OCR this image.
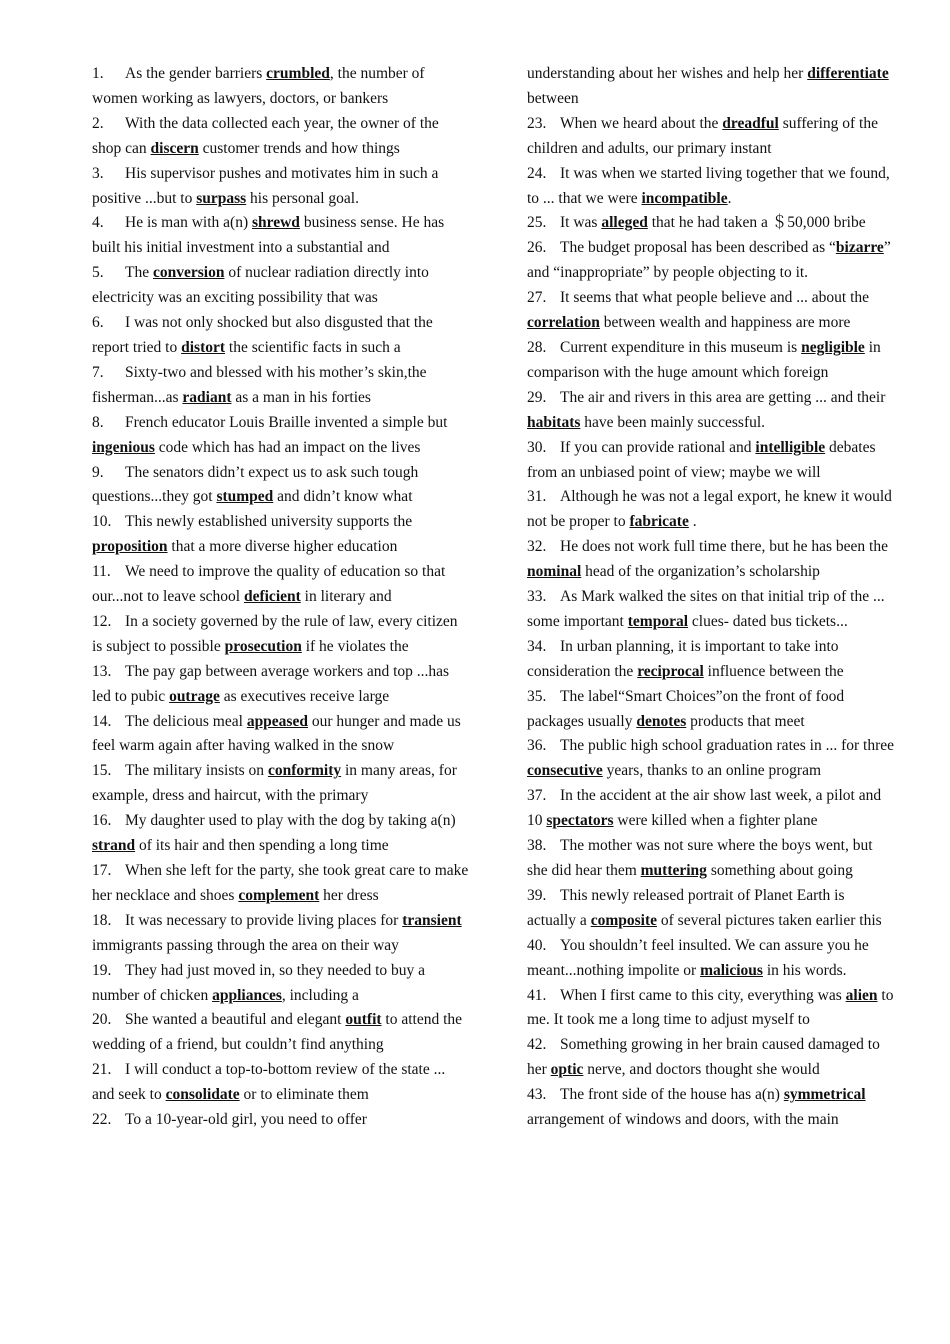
1. As the gender barriers crumbled, the number of women working as lawyers, doctors, or bankers
2. With the data collected each year, the owner of the shop can discern customer trends and how things
3. His supervisor pushes and motivates him in such a positive ...but to surpass his personal goal.
4. He is man with a(n) shrewd business sense. He has built his initial investment into a substantial and
5. The conversion of nuclear radiation directly into electricity was an exciting possibility that was
6. I was not only shocked but also disgusted that the report tried to distort the scientific facts in such a
7. Sixty-two and blessed with his mother’s skin,the fisherman...as radiant as a man in his forties
8. French educator Louis Braille invented a simple but ingenious code which has had an impact on the lives
9. The senators didn’t expect us to ask such tough questions...they got stumped and didn’t know what
10. This newly established university supports the proposition that a more diverse higher education
11. We need to improve the quality of education so that our...not to leave school deficient in literary and
12. In a society governed by the rule of law, every citizen is subject to possible prosecution if he violates the
13. The pay gap between average workers and top ...has led to pubic outrage as executives receive large
14. The delicious meal appeased our hunger and made us feel warm again after having walked in the snow
15. The military insists on conformity in many areas, for example, dress and haircut, with the primary
16. My daughter used to play with the dog by taking a(n) strand of its hair and then spending a long time
17. When she left for the party, she took great care to make her necklace and shoes complement her dress
18. It was necessary to provide living places for transient immigrants passing through the area on their way
19. They had just moved in, so they needed to buy a number of chicken appliances, including a
20. She wanted a beautiful and elegant outfit to attend the wedding of a friend, but couldn’t find anything
21. I will conduct a top-to-bottom review of the state ... and seek to consolidate or to eliminate them
22. To a 10-year-old girl, you need to offer
understanding about her wishes and help her differentiate between
23. When we heard about the dreadful suffering of the children and adults, our primary instant
24. It was when we started living together that we found, to ... that we were incompatible.
25. It was alleged that he had taken a ＄50,000 bribe
26. The budget proposal has been described as “bizarre” and “inappropriate” by people objecting to it.
27. It seems that what people believe and ... about the correlation between wealth and happiness are more
28. Current expenditure in this museum is negligible in comparison with the huge amount which foreign
29. The air and rivers in this area are getting ... and their habitats have been mainly successful.
30. If you can provide rational and intelligible debates from an unbiased point of view; maybe we will
31. Although he was not a legal export, he knew it would not be proper to fabricate .
32. He does not work full time there, but he has been the nominal head of the organization’s scholarship
33. As Mark walked the sites on that initial trip of the ... some important temporal clues- dated bus tickets...
34. In urban planning, it is important to take into consideration the reciprocal influence between the
35. The label“Smart Choices”on the front of food packages usually denotes products that meet
36. The public high school graduation rates in ... for three consecutive years, thanks to an online program
37. In the accident at the air show last week, a pilot and 10 spectators were killed when a fighter plane
38. The mother was not sure where the boys went, but she did hear them muttering something about going
39. This newly released portrait of Planet Earth is actually a composite of several pictures taken earlier this
40. You shouldn’t feel insulted. We can assure you he meant...nothing impolite or malicious in his words.
41. When I first came to this city, everything was alien to me. It took me a long time to adjust myself to
42. Something growing in her brain caused damaged to her optic nerve, and doctors thought she would
43. The front side of the house has a(n) symmetrical arrangement of windows and doors, with the main
